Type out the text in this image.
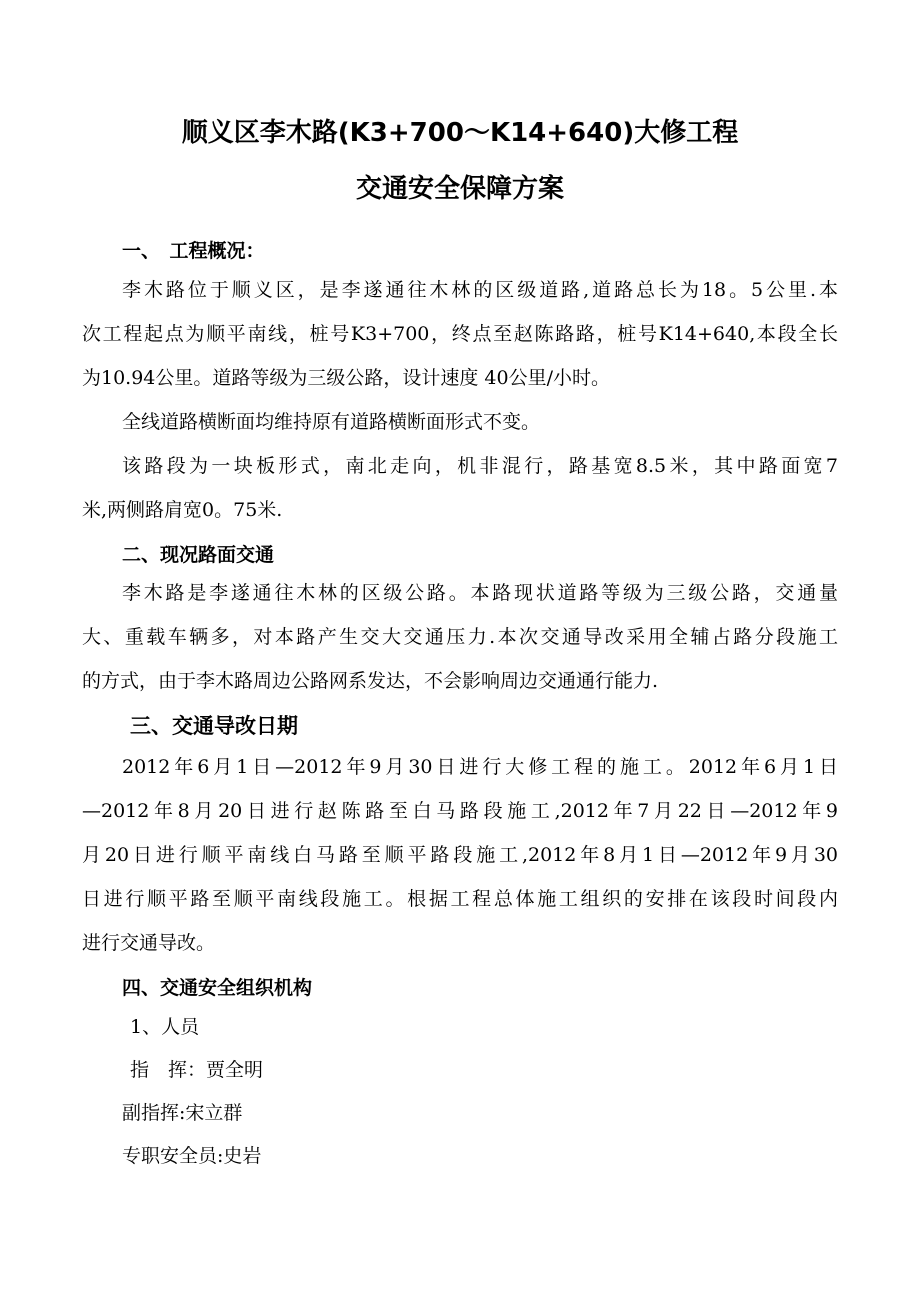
顺义区李木路(K3+700～K14+640)大修工程
交通安全保障方案
一、　工程概况：
李木路位于顺义区，是李遂通往木林的区级道路,道路总长为18。5公里.本
次工程起点为顺平南线，桩号K3+700，终点至赵陈路路，桩号K14+640,本段全长
为10.94公里。道路等级为三级公路，设计速度 40公里/小时。
全线道路横断面均维持原有道路横断面形式不变。
该路段为一块板形式，南北走向，机非混行，路基宽8.5米，其中路面宽7
米,两侧路肩宽0。75米.
二、现况路面交通
李木路是李遂通往木林的区级公路。本路现状道路等级为三级公路，交通量
大、重载车辆多，对本路产生交大交通压力.本次交通导改采用全辅占路分段施工
的方式，由于李木路周边公路网系发达，不会影响周边交通通行能力.
三、交通导改日期
2012年6月1日—2012年9月30日进行大修工程的施工。2012年6月1日
—2012年8月20日进行赵陈路至白马路段施工,2012年7月22日—2012年9
月20日进行顺平南线白马路至顺平路段施工,2012年8月1日—2012年9月30
日进行顺平路至顺平南线段施工。根据工程总体施工组织的安排在该段时间段内
进行交通导改。
四、交通安全组织机构
1、人员
指　挥：贾全明
副指挥:宋立群
专职安全员:史岩
